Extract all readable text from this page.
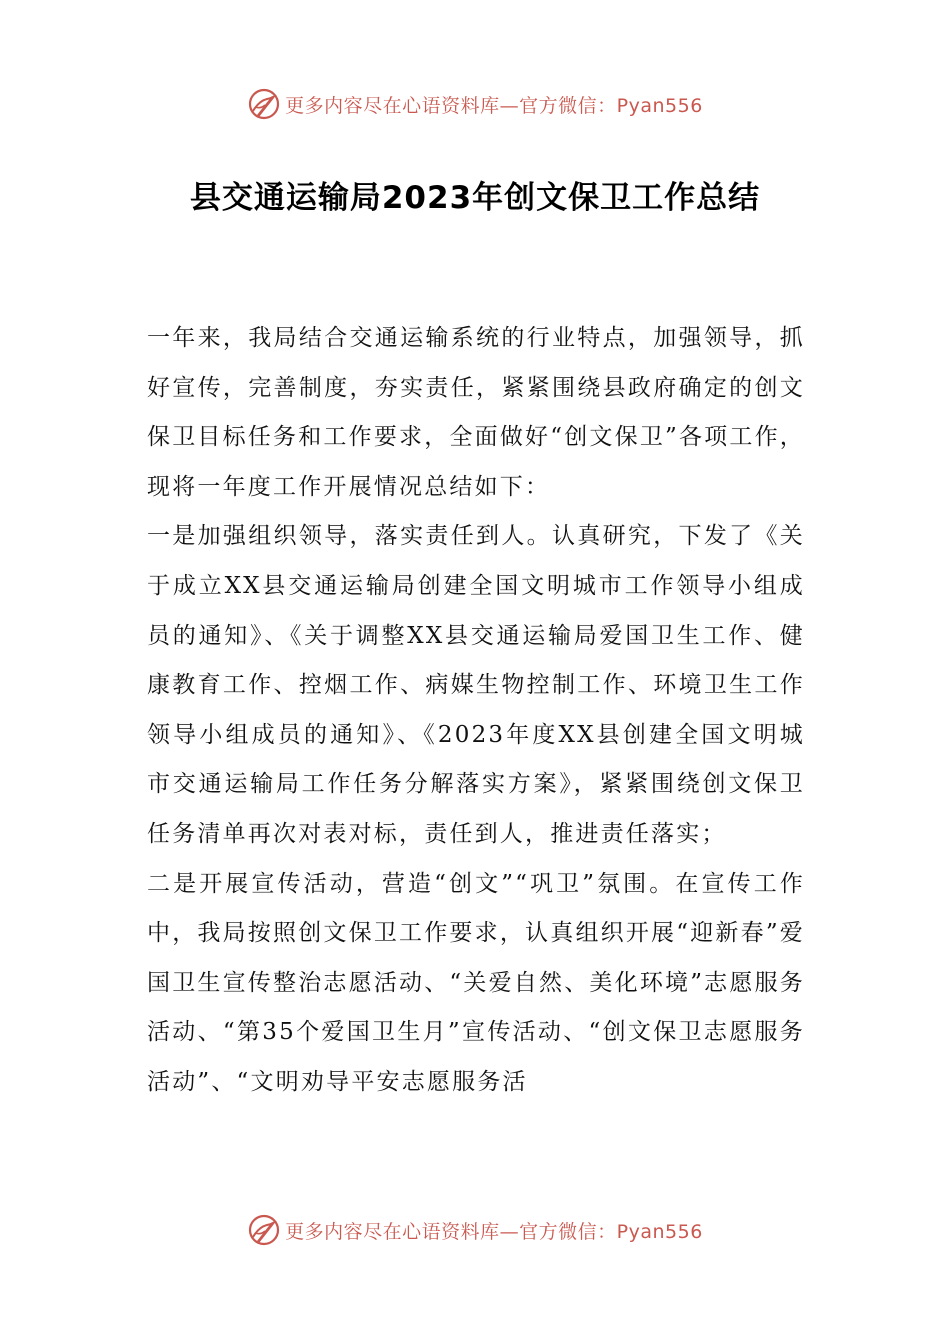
更多内容尽在心语资料库—官方微信：Pyan556
县交通运输局2023年创文保卫工作总结

一年来，我局结合交通运输系统的行业特点，加强领导，抓好宣传，完善制度，夯实责任，紧紧围绕县政府确定的创文保卫目标任务和工作要求，全面做好“创文保卫”各项工作，现将一年度工作开展情况总结如下：

一是加强组织领导，落实责任到人。认真研究，下发了《关于成立XX县交通运输局创建全国文明城市工作领导小组成员的通知》、《关于调整XX县交通运输局爱国卫生工作、健康教育工作、控烟工作、病媒生物控制工作、环境卫生工作领导小组成员的通知》、《2023年度XX县创建全国文明城市交通运输局工作任务分解落实方案》，紧紧围绕创文保卫任务清单再次对表对标，责任到人，推进责任落实；

二是开展宣传活动，营造“创文”“巩卫”氛围。在宣传工作中，我局按照创文保卫工作要求，认真组织开展“迎新春”爱国卫生宣传整治志愿活动、“关爱自然、美化环境”志愿服务活动、“第35个爱国卫生月”宣传活动、“创文保卫志愿服务活动”、“文明劝导平安志愿服务活

更多内容尽在心语资料库—官方微信：Pyan556
